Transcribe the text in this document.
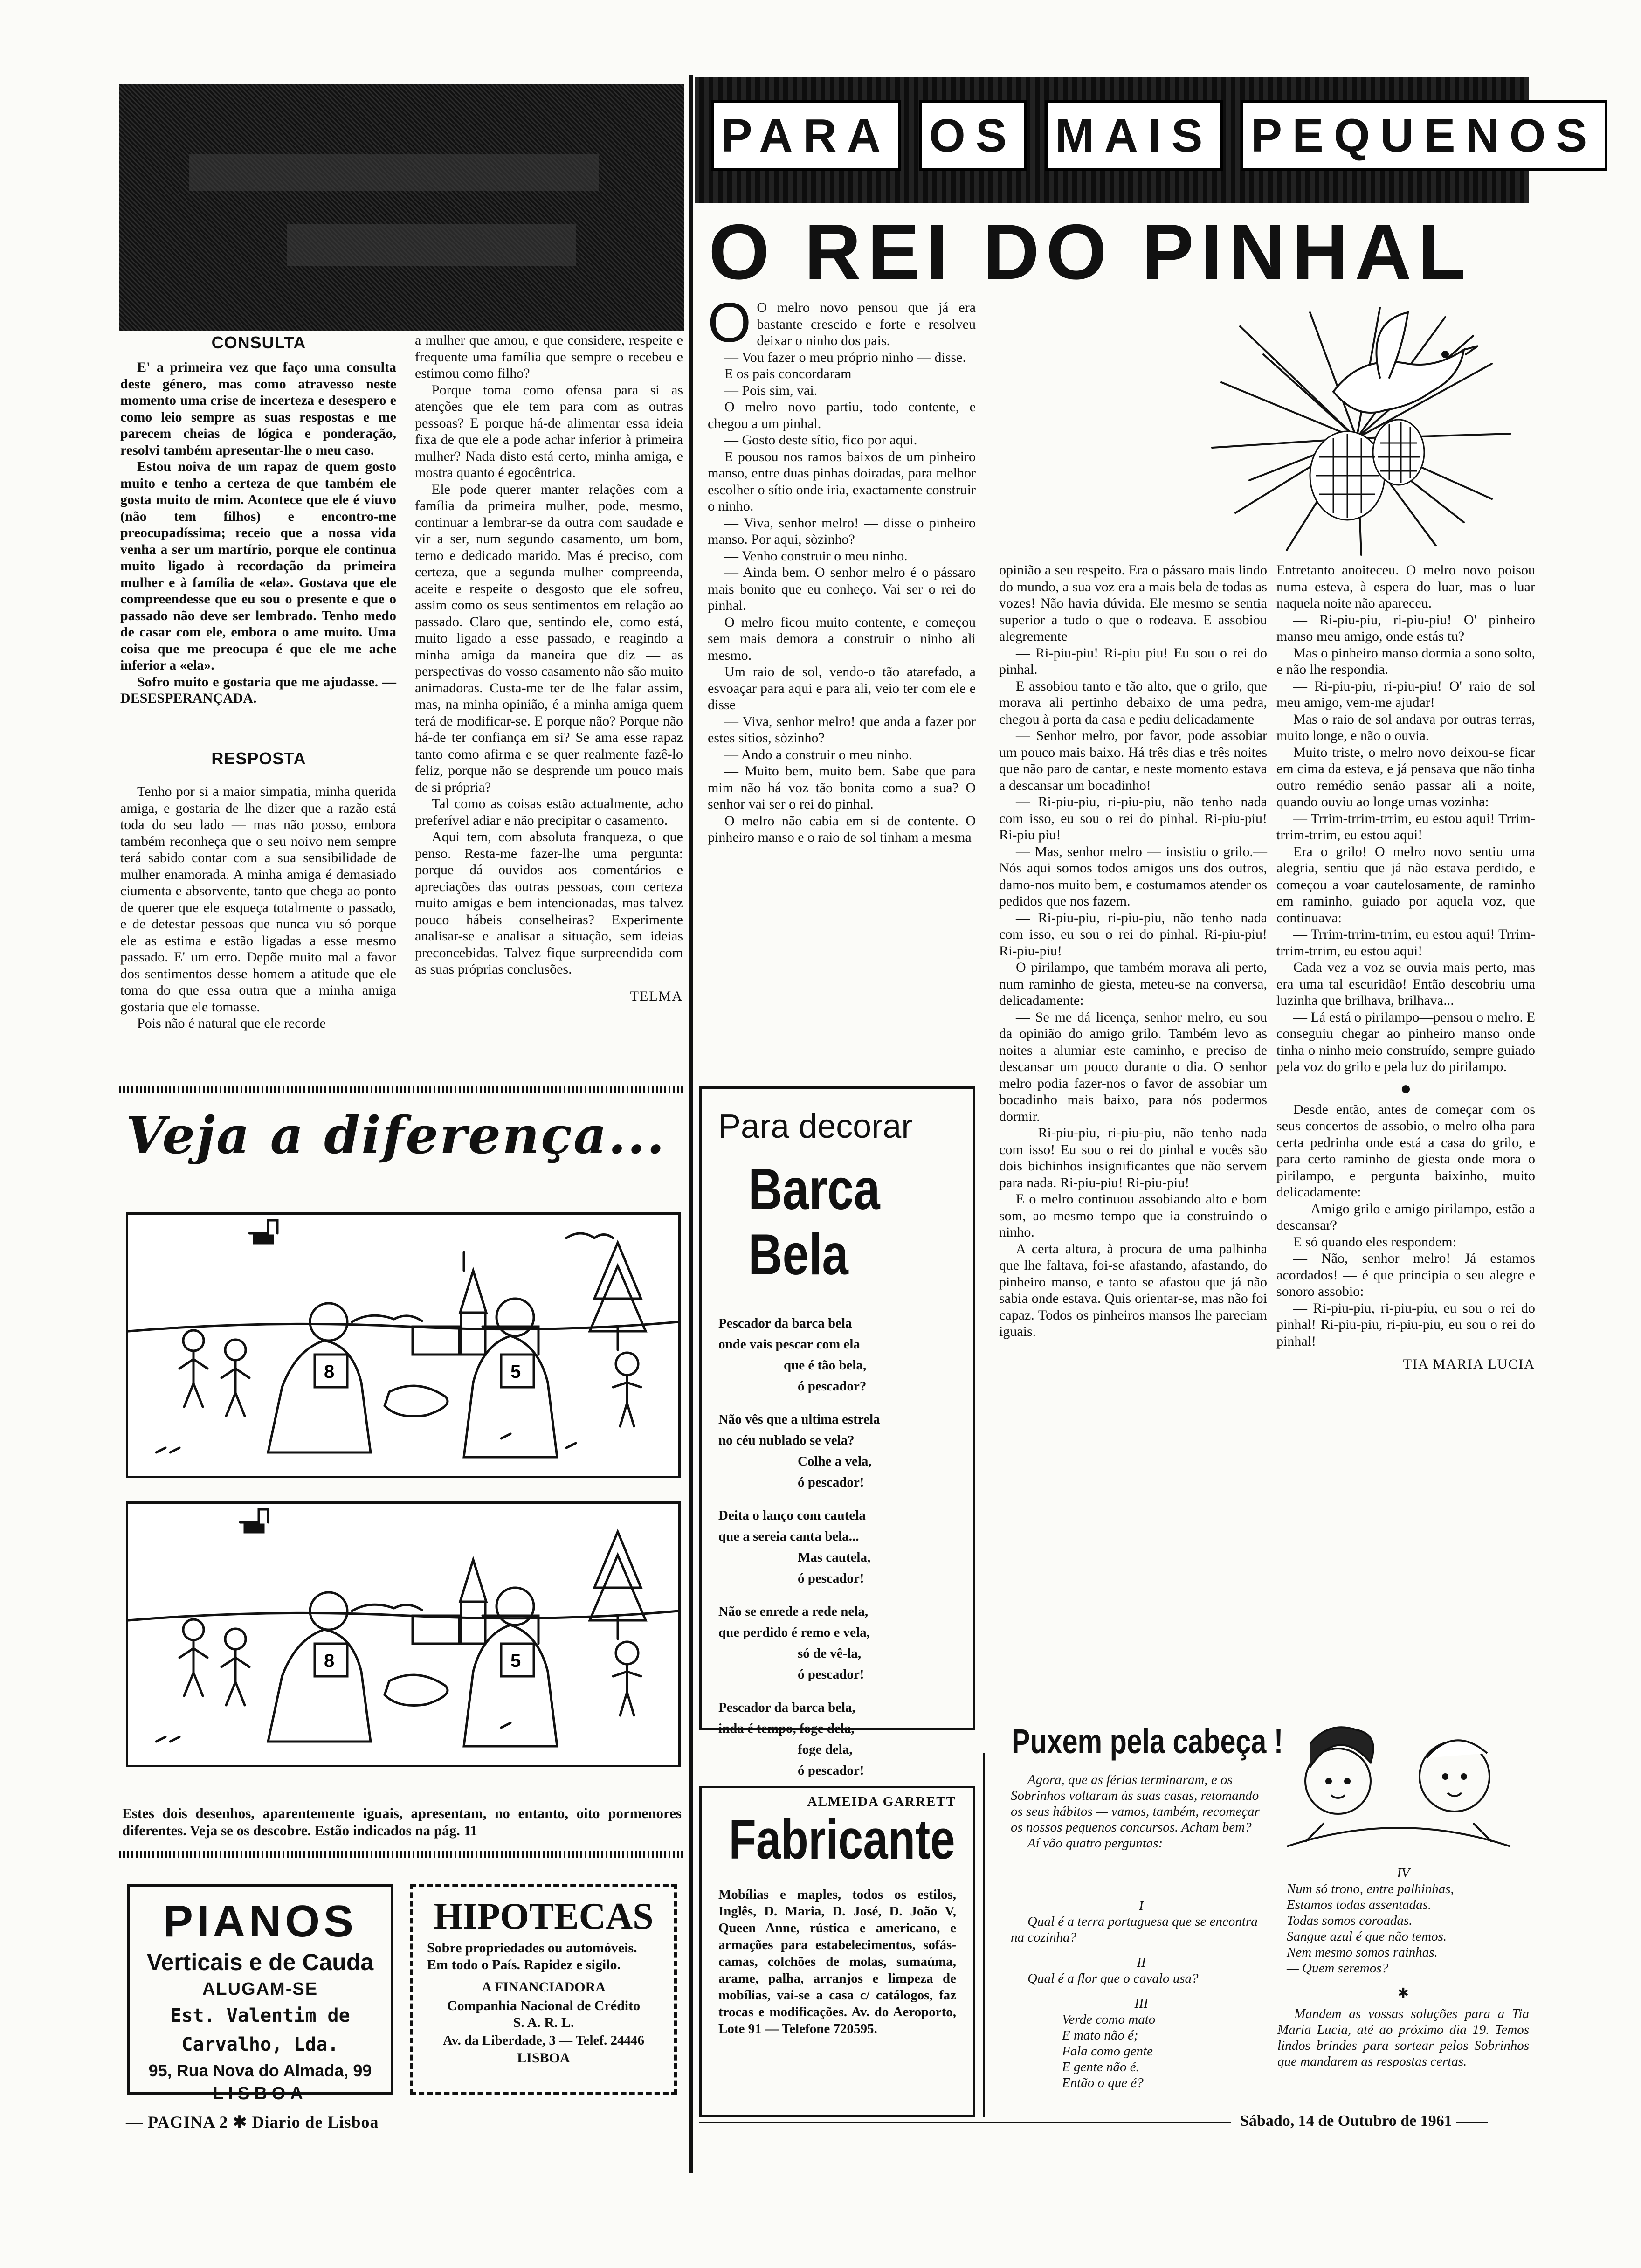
CONSULTA

E' a primeira vez que faço uma consulta deste género, mas como atravesso neste momento uma crise de incerteza e desespero e como leio sempre as suas respostas e me parecem cheias de lógica e ponderação, resolvi também apresentar-lhe o meu caso.

Estou noiva de um rapaz de quem gosto muito e tenho a certeza de que também ele gosta muito de mim. Acontece que ele é viuvo (não tem filhos) e encontro-me preocupadíssima; receio que a nossa vida venha a ser um martírio, porque ele continua muito ligado à recordação da primeira mulher e à família de «ela». Gostava que ele compreendesse que eu sou o presente e que o passado não deve ser lembrado. Tenho medo de casar com ele, embora o ame muito. Uma coisa que me preocupa é que ele me ache inferior a «ela».

Sofro muito e gostaria que me ajudasse. — DESESPERANÇADA.

RESPOSTA

Tenho por si a maior simpatia, minha querida amiga, e gostaria de lhe dizer que a razão está toda do seu lado — mas não posso, embora também reconheça que o seu noivo nem sempre terá sabido contar com a sua sensibilidade de mulher enamorada. A minha amiga é demasiado ciumenta e absorvente, tanto que chega ao ponto de querer que ele esqueça totalmente o passado, e de detestar pessoas que nunca viu só porque ele as estima e estão ligadas a esse mesmo passado. E' um erro. Depõe muito mal a favor dos sentimentos desse homem a atitude que ele toma do que essa outra que a minha amiga gostaria que ele tomasse.

Pois não é natural que ele recorde

a mulher que amou, e que considere, respeite e frequente uma família que sempre o recebeu e estimou como filho?

Porque toma como ofensa para si as atenções que ele tem para com as outras pessoas? E porque há-de alimentar essa ideia fixa de que ele a pode achar inferior à primeira mulher? Nada disto está certo, minha amiga, e mostra quanto é egocêntrica.

Ele pode querer manter relações com a família da primeira mulher, pode, mesmo, continuar a lembrar-se da outra com saudade e vir a ser, num segundo casamento, um bom, terno e dedicado marido. Mas é preciso, com certeza, que a segunda mulher compreenda, aceite e respeite o desgosto que ele sofreu, assim como os seus sentimentos em relação ao passado. Claro que, sentindo ele, como está, muito ligado a esse passado, e reagindo a minha amiga da maneira que diz — as perspectivas do vosso casamento não são muito animadoras. Custa-me ter de lhe falar assim, mas, na minha opinião, é a minha amiga quem terá de modificar-se. E porque não? Porque não há-de ter confiança em si? Se ama esse rapaz tanto como afirma e se quer realmente fazê-lo feliz, porque não se desprende um pouco mais de si própria?

Tal como as coisas estão actualmente, acho preferível adiar e não precipitar o casamento.

Aqui tem, com absoluta franqueza, o que penso. Resta-me fazer-lhe uma pergunta: porque dá ouvidos aos comentários e apreciações das outras pessoas, com certeza muito amigas e bem intencionadas, mas talvez pouco hábeis conselheiras? Experimente analisar-se e analisar a situação, sem ideias preconcebidas. Talvez fique surpreendida com as suas próprias conclusões.

TELMA

Veja a diferença...
8	5
8	5
Estes dois desenhos, aparentemente iguais, apresentam, no entanto, oito pormenores diferentes. Veja se os descobre. Estão indicados na pág. 11

PIANOS

Verticais e de Cauda

ALUGAM-SE

Est. Valentim de Carvalho, Lda.

95, Rua Nova do Almada, 99

LISBOA

HIPOTECAS

Sobre propriedades ou automóveis. Em todo o País. Rapidez e sigilo.

A FINANCIADORA

Companhia Nacional de Crédito

S. A. R. L.

Av. da Liberdade, 3 — Telef. 24446

LISBOA

— PAGINA 2 ✱ Diario de Lisboa	Sábado, 14 de Outubro de 1961 ——
PARA OS MAIS PEQUENOS
O REI DO PINHAL

O O melro novo pensou que já era bastante crescido e forte e resolveu deixar o ninho dos pais.

— Vou fazer o meu próprio ninho — disse.

E os pais concordaram

— Pois sim, vai.

O melro novo partiu, todo contente, e chegou a um pinhal.

— Gosto deste sítio, fico por aqui.

E pousou nos ramos baixos de um pinheiro manso, entre duas pinhas doiradas, para melhor escolher o sítio onde iria, exactamente construir o ninho.

— Viva, senhor melro! — disse o pinheiro manso. Por aqui, sòzinho?

— Venho construir o meu ninho.

— Ainda bem. O senhor melro é o pássaro mais bonito que eu conheço. Vai ser o rei do pinhal.

O melro ficou muito contente, e começou sem mais demora a construir o ninho ali mesmo.

Um raio de sol, vendo-o tão atarefado, a esvoaçar para aqui e para ali, veio ter com ele e disse

— Viva, senhor melro! que anda a fazer por estes sítios, sòzinho?

— Ando a construir o meu ninho.

— Muito bem, muito bem. Sabe que para mim não há voz tão bonita como a sua? O senhor vai ser o rei do pinhal.

O melro não cabia em si de contente. O pinheiro manso e o raio de sol tinham a mesma

opinião a seu respeito. Era o pássaro mais lindo do mundo, a sua voz era a mais bela de todas as vozes! Não havia dúvida. Ele mesmo se sentia superior a tudo o que o rodeava. E assobiou alegremente

— Ri-piu-piu! Ri-piu piu! Eu sou o rei do pinhal.

E assobiou tanto e tão alto, que o grilo, que morava ali pertinho debaixo de uma pedra, chegou à porta da casa e pediu delicadamente

— Senhor melro, por favor, pode assobiar um pouco mais baixo. Há três dias e três noites que não paro de cantar, e neste momento estava a descansar um bocadinho!

— Ri-piu-piu, ri-piu-piu, não tenho nada com isso, eu sou o rei do pinhal. Ri-piu-piu! Ri-piu piu!

— Mas, senhor melro — insistiu o grilo.—Nós aqui somos todos amigos uns dos outros, damo-nos muito bem, e costumamos atender os pedidos que nos fazem.

— Ri-piu-piu, ri-piu-piu, não tenho nada com isso, eu sou o rei do pinhal. Ri-piu-piu! Ri-piu-piu!

O pirilampo, que também morava ali perto, num raminho de giesta, meteu-se na conversa, delicadamente:

— Se me dá licença, senhor melro, eu sou da opinião do amigo grilo. Também levo as noites a alumiar este caminho, e preciso de descansar um pouco durante o dia. O senhor melro podia fazer-nos o favor de assobiar um bocadinho mais baixo, para nós podermos dormir.

— Ri-piu-piu, ri-piu-piu, não tenho nada com isso! Eu sou o rei do pinhal e vocês são dois bichinhos insignificantes que não servem para nada. Ri-piu-piu! Ri-piu-piu!

E o melro continuou assobiando alto e bom som, ao mesmo tempo que ia construindo o ninho.

A certa altura, à procura de uma palhinha que lhe faltava, foi-se afastando, afastando, do pinheiro manso, e tanto se afastou que já não sabia onde estava. Quis orientar-se, mas não foi capaz. Todos os pinheiros mansos lhe pareciam iguais.

Entretanto anoiteceu. O melro novo poisou numa esteva, à espera do luar, mas o luar naquela noite não apareceu.

— Ri-piu-piu, ri-piu-piu! O' pinheiro manso meu amigo, onde estás tu?

Mas o pinheiro manso dormia a sono solto, e não lhe respondia.

— Ri-piu-piu, ri-piu-piu! O' raio de sol meu amigo, vem-me ajudar!

Mas o raio de sol andava por outras terras, muito longe, e não o ouvia.

Muito triste, o melro novo deixou-se ficar em cima da esteva, e já pensava que não tinha outro remédio senão passar ali a noite, quando ouviu ao longe umas vozinha:

— Trrim-trrim-trrim, eu estou aqui! Trrim-trrim-trrim, eu estou aqui!

Era o grilo! O melro novo sentiu uma alegria, sentiu que já não estava perdido, e começou a voar cautelosamente, de raminho em raminho, guiado por aquela voz, que continuava:

— Trrim-trrim-trrim, eu estou aqui! Trrim-trrim-trrim, eu estou aqui!

Cada vez a voz se ouvia mais perto, mas era uma tal escuridão! Então descobriu uma luzinha que brilhava, brilhava...

— Lá está o pirilampo—pensou o melro. E conseguiu chegar ao pinheiro manso onde tinha o ninho meio construído, sempre guiado pela voz do grilo e pela luz do pirilampo.

●

Desde então, antes de começar com os seus concertos de assobio, o melro olha para certa pedrinha onde está a casa do grilo, e para certo raminho de giesta onde mora o pirilampo, e pergunta baixinho, muito delicadamente:

— Amigo grilo e amigo pirilampo, estão a descansar?

E só quando eles respondem:

— Não, senhor melro! Já estamos acordados! — é que principia o seu alegre e sonoro assobio:

— Ri-piu-piu, ri-piu-piu, eu sou o rei do pinhal! Ri-piu-piu, ri-piu-piu, eu sou o rei do pinhal!

TIA MARIA LUCIA

Para decorar
Barca Bela

Pescador da barca bela

onde vais pescar com ela

que é tão bela,

ó pescador?

Não vês que a ultima estrela

no céu nublado se vela?

Colhe a vela,

ó pescador!

Deita o lanço com cautela

que a sereia canta bela...

Mas cautela,

ó pescador!

Não se enrede a rede nela,

que perdido é remo e vela,

só de vê-la,

ó pescador!

Pescador da barca bela,

inda é tempo, foge dela,

foge dela,

ó pescador!

ALMEIDA GARRETT

Fabricante

Mobílias e maples, todos os estilos, Inglês, D. Maria, D. José, D. João V, Queen Anne, rústica e americano, e armações para estabelecimentos, sofás-camas, colchões de molas, sumaúma, arame, palha, arranjos e limpeza de mobílias, vai-se a casa c/ catálogos, faz trocas e modificações. Av. do Aeroporto, Lote 91 — Telefone 720595.

Puxem pela cabeça !

Agora, que as férias terminaram, e os Sobrinhos voltaram às suas casas, retomando os seus hábitos — vamos, também, recomeçar os nossos pequenos concursos. Acham bem?

Aí vão quatro perguntas:

I

Qual é a terra portuguesa que se encontra na cozinha?

II

Qual é a flor que o cavalo usa?

III

Verde como mato

E mato não é;

Fala como gente

E gente não é.

Então o que é?

IV

Num só trono, entre palhinhas,

Estamos todas assentadas.

Todas somos coroadas.

Sangue azul é que não temos.

Nem mesmo somos rainhas.

— Quem seremos?

✱

Mandem as vossas soluções para a Tia Maria Lucia, até ao próximo dia 19. Temos lindos brindes para sortear pelos Sobrinhos que mandarem as respostas certas.
